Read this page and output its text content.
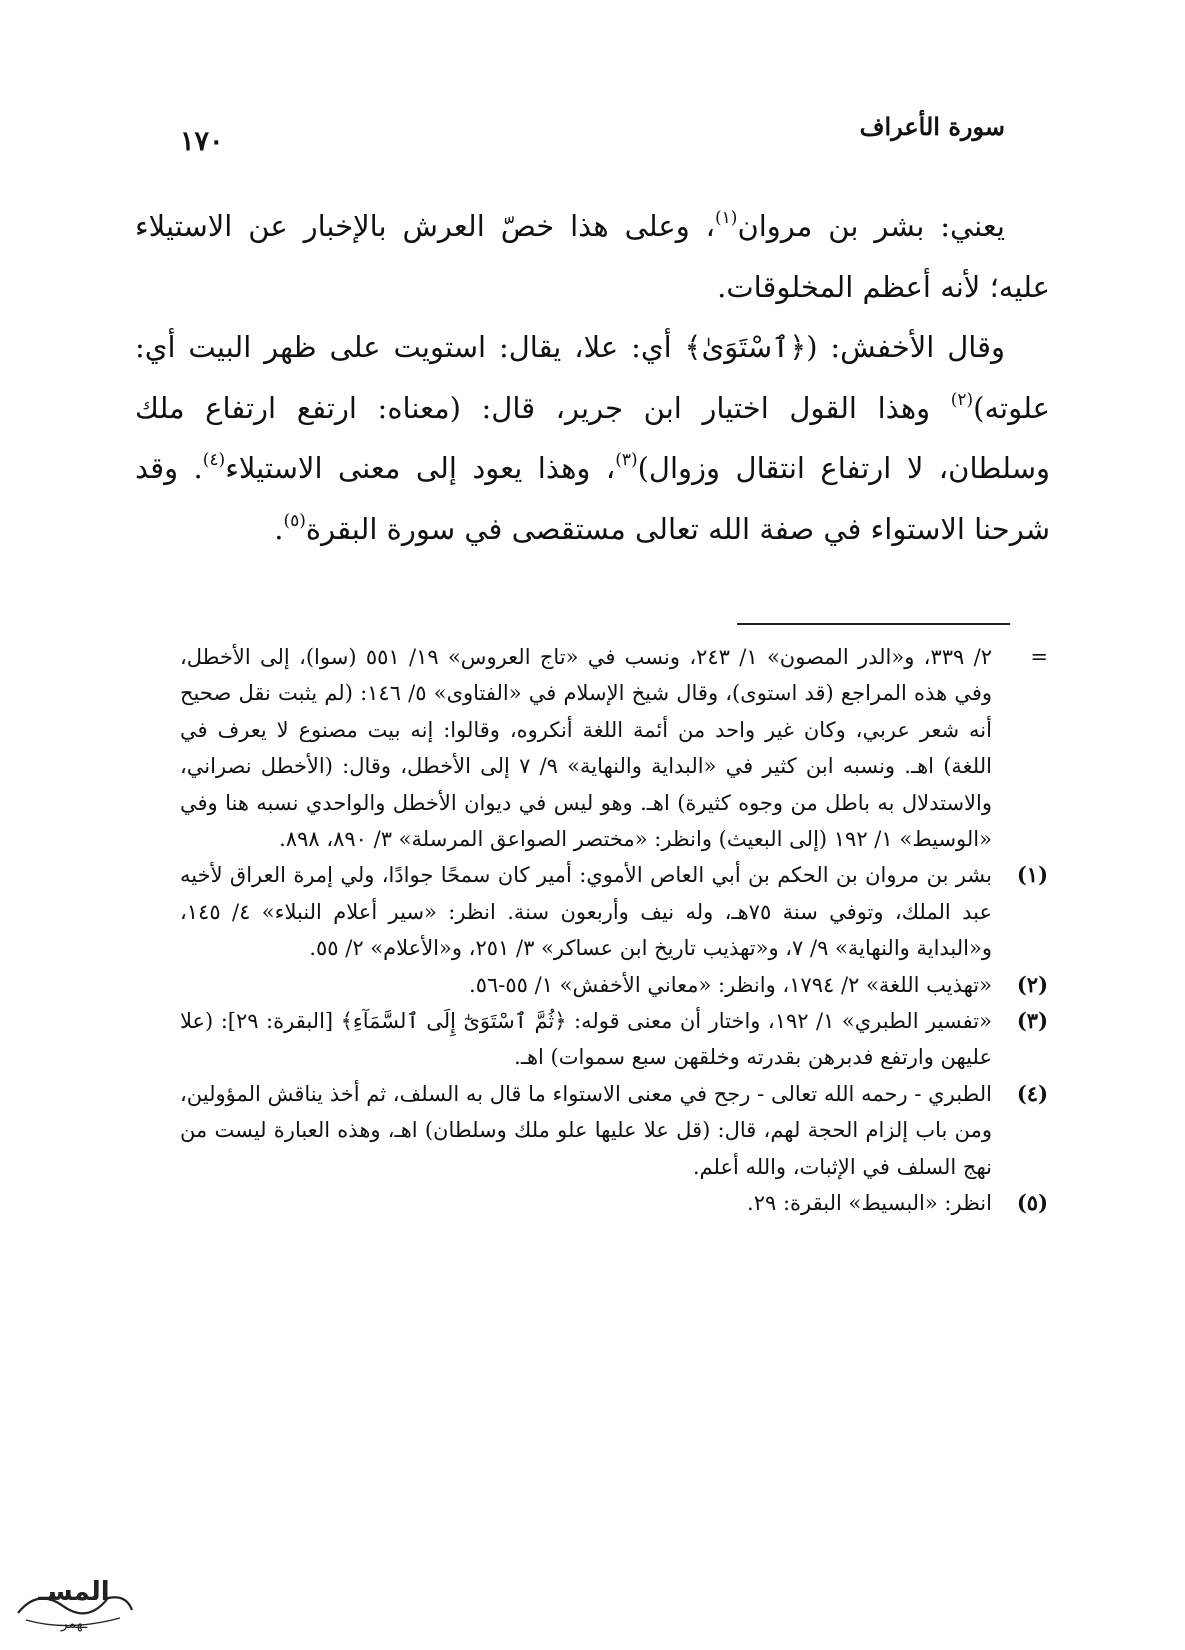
سورة الأعراف
١٧٠

يعني: بشر بن مروان$^{(١)}$، وعلى هذا خصّ العرش بالإخبار عن الاستيلاء عليه؛ لأنه أعظم المخلوقات.

وقال الأخفش: (﴿ٱسْتَوَىٰ﴾ أي: علا، يقال: استويت على ظهر البيت أي: علوته)$^{(٢)}$ وهذا القول اختيار ابن جرير، قال: (معناه: ارتفع ارتفاع ملك وسلطان، لا ارتفاع انتقال وزوال)$^{(٣)}$، وهذا يعود إلى معنى الاستيلاء$^{(٤)}$. وقد شرحنا الاستواء في صفة الله تعالى مستقصى في سورة البقرة$^{(٥)}$.

=
٢/ ٣٣٩، و«الدر المصون» ١/ ٢٤٣، ونسب في «تاج العروس» ١٩/ ٥٥١ (سوا)، إلى الأخطل، وفي هذه المراجع (قد استوى)، وقال شيخ الإسلام في «الفتاوى» ٥/ ١٤٦: (لم يثبت نقل صحيح أنه شعر عربي، وكان غير واحد من أئمة اللغة أنكروه، وقالوا: إنه بيت مصنوع لا يعرف في اللغة) اهـ. ونسبه ابن كثير في «البداية والنهاية» ٩/ ٧ إلى الأخطل، وقال: (الأخطل نصراني، والاستدلال به باطل من وجوه كثيرة) اهـ. وهو ليس في ديوان الأخطل والواحدي نسبه هنا وفي «الوسيط» ١/ ١٩٢ (إلى البعيث) وانظر: «مختصر الصواعق المرسلة» ٣/ ٨٩٠، ٨٩٨.
(١)
بشر بن مروان بن الحكم بن أبي العاص الأموي: أمير كان سمحًا جوادًا، ولي إمرة العراق لأخيه عبد الملك، وتوفي سنة ٧٥هـ، وله نيف وأربعون سنة. انظر: «سير أعلام النبلاء» ٤/ ١٤٥، و«البداية والنهاية» ٩/ ٧، و«تهذيب تاريخ ابن عساكر» ٣/ ٢٥١، و«الأعلام» ٢/ ٥٥.
(٢)
«تهذيب اللغة» ٢/ ١٧٩٤، وانظر: «معاني الأخفش» ١/ ٥٥-٥٦.
(٣)
«تفسير الطبري» ١/ ١٩٢، واختار أن معنى قوله: ﴿ثُمَّ ٱسْتَوَىٰٓ إِلَى ٱلسَّمَآءِ﴾ [البقرة: ٢٩]: (علا عليهن وارتفع فدبرهن بقدرته وخلقهن سبع سموات) اهـ.
(٤)
الطبري - رحمه الله تعالى - رجح في معنى الاستواء ما قال به السلف، ثم أخذ يناقش المؤولين، ومن باب إلزام الحجة لهم، قال: (قل علا عليها علو ملك وسلطان) اهـ، وهذه العبارة ليست من نهج السلف في الإثبات، والله أعلم.
(٥)
انظر: «البسيط» البقرة: ٢٩.
المسـ
ـهمر
